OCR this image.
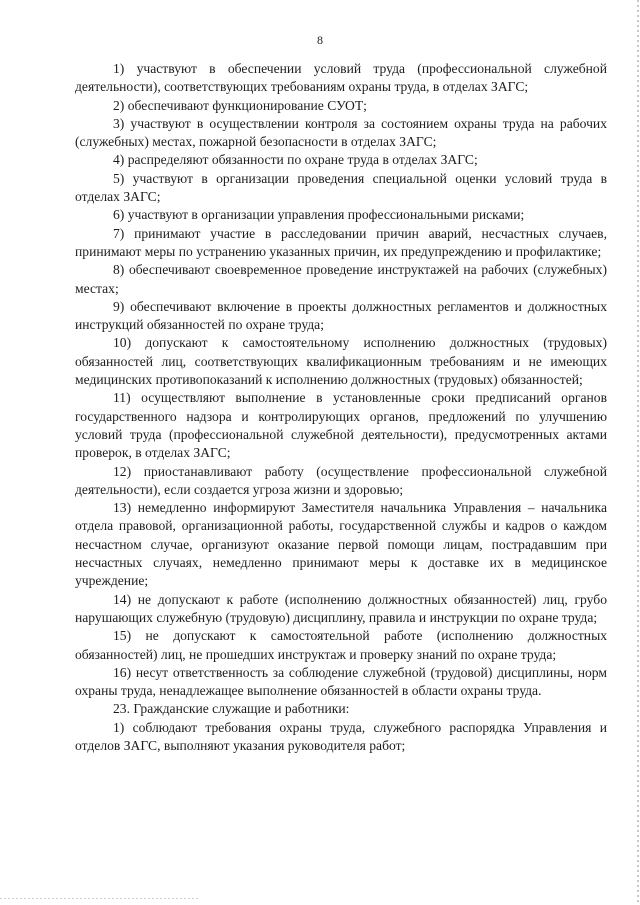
8

1) участвуют в обеспечении условий труда (профессиональной служебной деятельности), соответствующих требованиям охраны труда, в отделах ЗАГС;

2) обеспечивают функционирование СУОТ;

3) участвуют в осуществлении контроля за состоянием охраны труда на рабочих (служебных) местах, пожарной безопасности в отделах ЗАГС;

4) распределяют обязанности по охране труда в отделах ЗАГС;

5) участвуют в организации проведения специальной оценки условий труда в отделах ЗАГС;

6) участвуют в организации управления профессиональными рисками;

7) принимают участие в расследовании причин аварий, несчастных случаев, принимают меры по устранению указанных причин, их предупреждению и профилактике;

8) обеспечивают своевременное проведение инструктажей на рабочих (служебных) местах;

9) обеспечивают включение в проекты должностных регламентов и должностных инструкций обязанностей по охране труда;

10) допускают к самостоятельному исполнению должностных (трудовых) обязанностей лиц, соответствующих квалификационным требованиям и не имеющих медицинских противопоказаний к исполнению должностных (трудовых) обязанностей;

11) осуществляют выполнение в установленные сроки предписаний органов государственного надзора и контролирующих органов, предложений по улучшению условий труда (профессиональной служебной деятельности), предусмотренных актами проверок, в отделах ЗАГС;

12) приостанавливают работу (осуществление профессиональной служебной деятельности), если создается угроза жизни и здоровью;

13) немедленно информируют Заместителя начальника Управления – начальника отдела правовой, организационной работы, государственной службы и кадров о каждом несчастном случае, организуют оказание первой помощи лицам, пострадавшим при несчастных случаях, немедленно принимают меры к доставке их в медицинское учреждение;

14) не допускают к работе (исполнению должностных обязанностей) лиц, грубо нарушающих служебную (трудовую) дисциплину, правила и инструкции по охране труда;

15) не допускают к самостоятельной работе (исполнению должностных обязанностей) лиц, не прошедших инструктаж и проверку знаний по охране труда;

16) несут ответственность за соблюдение служебной (трудовой) дисциплины, норм охраны труда, ненадлежащее выполнение обязанностей в области охраны труда.

23. Гражданские служащие и работники:

1) соблюдают требования охраны труда, служебного распорядка Управления и отделов ЗАГС, выполняют указания руководителя работ;
